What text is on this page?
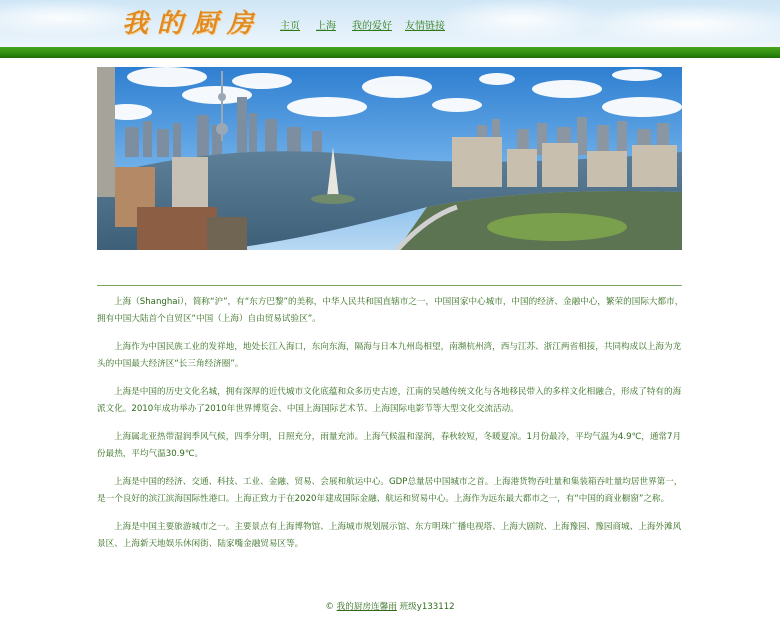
我的厨房 主页 上海 我的爱好 友情链接

上海（Shanghai），简称“沪”，有“东方巴黎”的美称，中华人民共和国直辖市之一，中国国家中心城市，中国的经济、金融中心，繁荣的国际大都市，拥有中国大陆首个自贸区“中国（上海）自由贸易试验区”。

上海作为中国民族工业的发祥地，地处长江入海口，东向东海，隔海与日本九州岛相望，南濒杭州湾，西与江苏、浙江两省相接，共同构成以上海为龙头的中国最大经济区“长三角经济圈”。

上海是中国的历史文化名城，拥有深厚的近代城市文化底蕴和众多历史古迹，江南的吴越传统文化与各地移民带入的多样文化相融合，形成了特有的海派文化。2010年成功举办了2010年世界博览会、中国上海国际艺术节、上海国际电影节等大型文化交流活动。

上海属北亚热带湿润季风气候，四季分明，日照充分，雨量充沛。上海气候温和湿润，春秋较短，冬暖夏凉。1月份最冷，平均气温为4.9℃，通常7月份最热，平均气温30.9℃。

上海是中国的经济、交通、科技、工业、金融、贸易、会展和航运中心。GDP总量居中国城市之首。上海港货物吞吐量和集装箱吞吐量均居世界第一，是一个良好的滨江滨海国际性港口。上海正致力于在2020年建成国际金融、航运和贸易中心。上海作为远东最大都市之一，有“中国的商业橱窗”之称。

上海是中国主要旅游城市之一。主要景点有上海博物馆、上海城市规划展示馆、东方明珠广播电视塔、上海大剧院、上海豫园、豫园商城、上海外滩风景区、上海新天地娱乐休闲街、陆家嘴金融贸易区等。

© 我的厨房连馨雨 班级y133112
